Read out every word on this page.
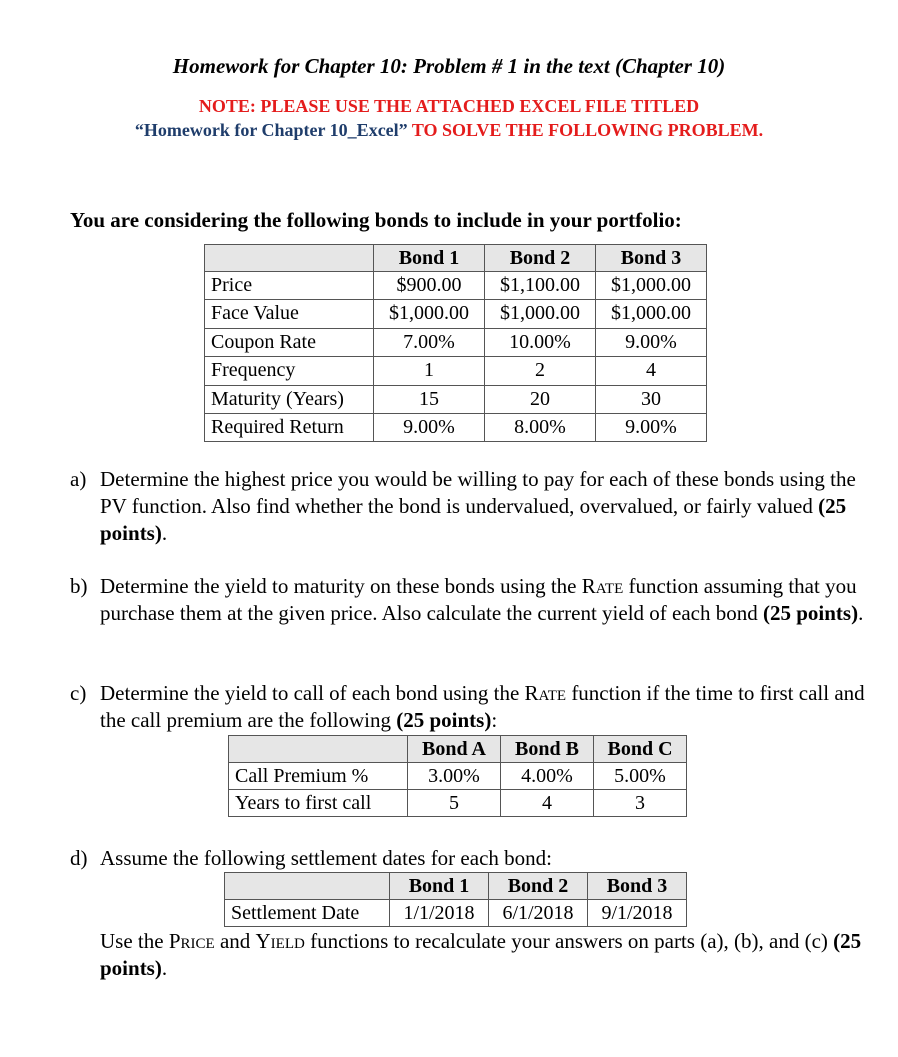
Homework for Chapter 10: Problem # 1 in the text (Chapter 10)
NOTE: PLEASE USE THE ATTACHED EXCEL FILE TITLED
“Homework for Chapter 10_Excel” TO SOLVE THE FOLLOWING PROBLEM.
You are considering the following bonds to include in your portfolio:
	Bond 1	Bond 2	Bond 3
Price	$900.00	$1,100.00	$1,000.00
Face Value	$1,000.00	$1,000.00	$1,000.00
Coupon Rate	7.00%	10.00%	9.00%
Frequency	1	2	4
Maturity (Years)	15	20	30
Required Return	9.00%	8.00%	9.00%
a) Determine the highest price you would be willing to pay for each of these bonds using the PV function. Also find whether the bond is undervalued, overvalued, or fairly valued (25 points).
b) Determine the yield to maturity on these bonds using the Rate function assuming that you purchase them at the given price. Also calculate the current yield of each bond (25 points).
c) Determine the yield to call of each bond using the Rate function if the time to first call and the call premium are the following (25 points):
	Bond A	Bond B	Bond C
Call Premium %	3.00%	4.00%	5.00%
Years to first call	5	4	3
d) Assume the following settlement dates for each bond:
	Bond 1	Bond 2	Bond 3
Settlement Date	1/1/2018	6/1/2018	9/1/2018
Use the Price and Yield functions to recalculate your answers on parts (a), (b), and (c) (25 points).
